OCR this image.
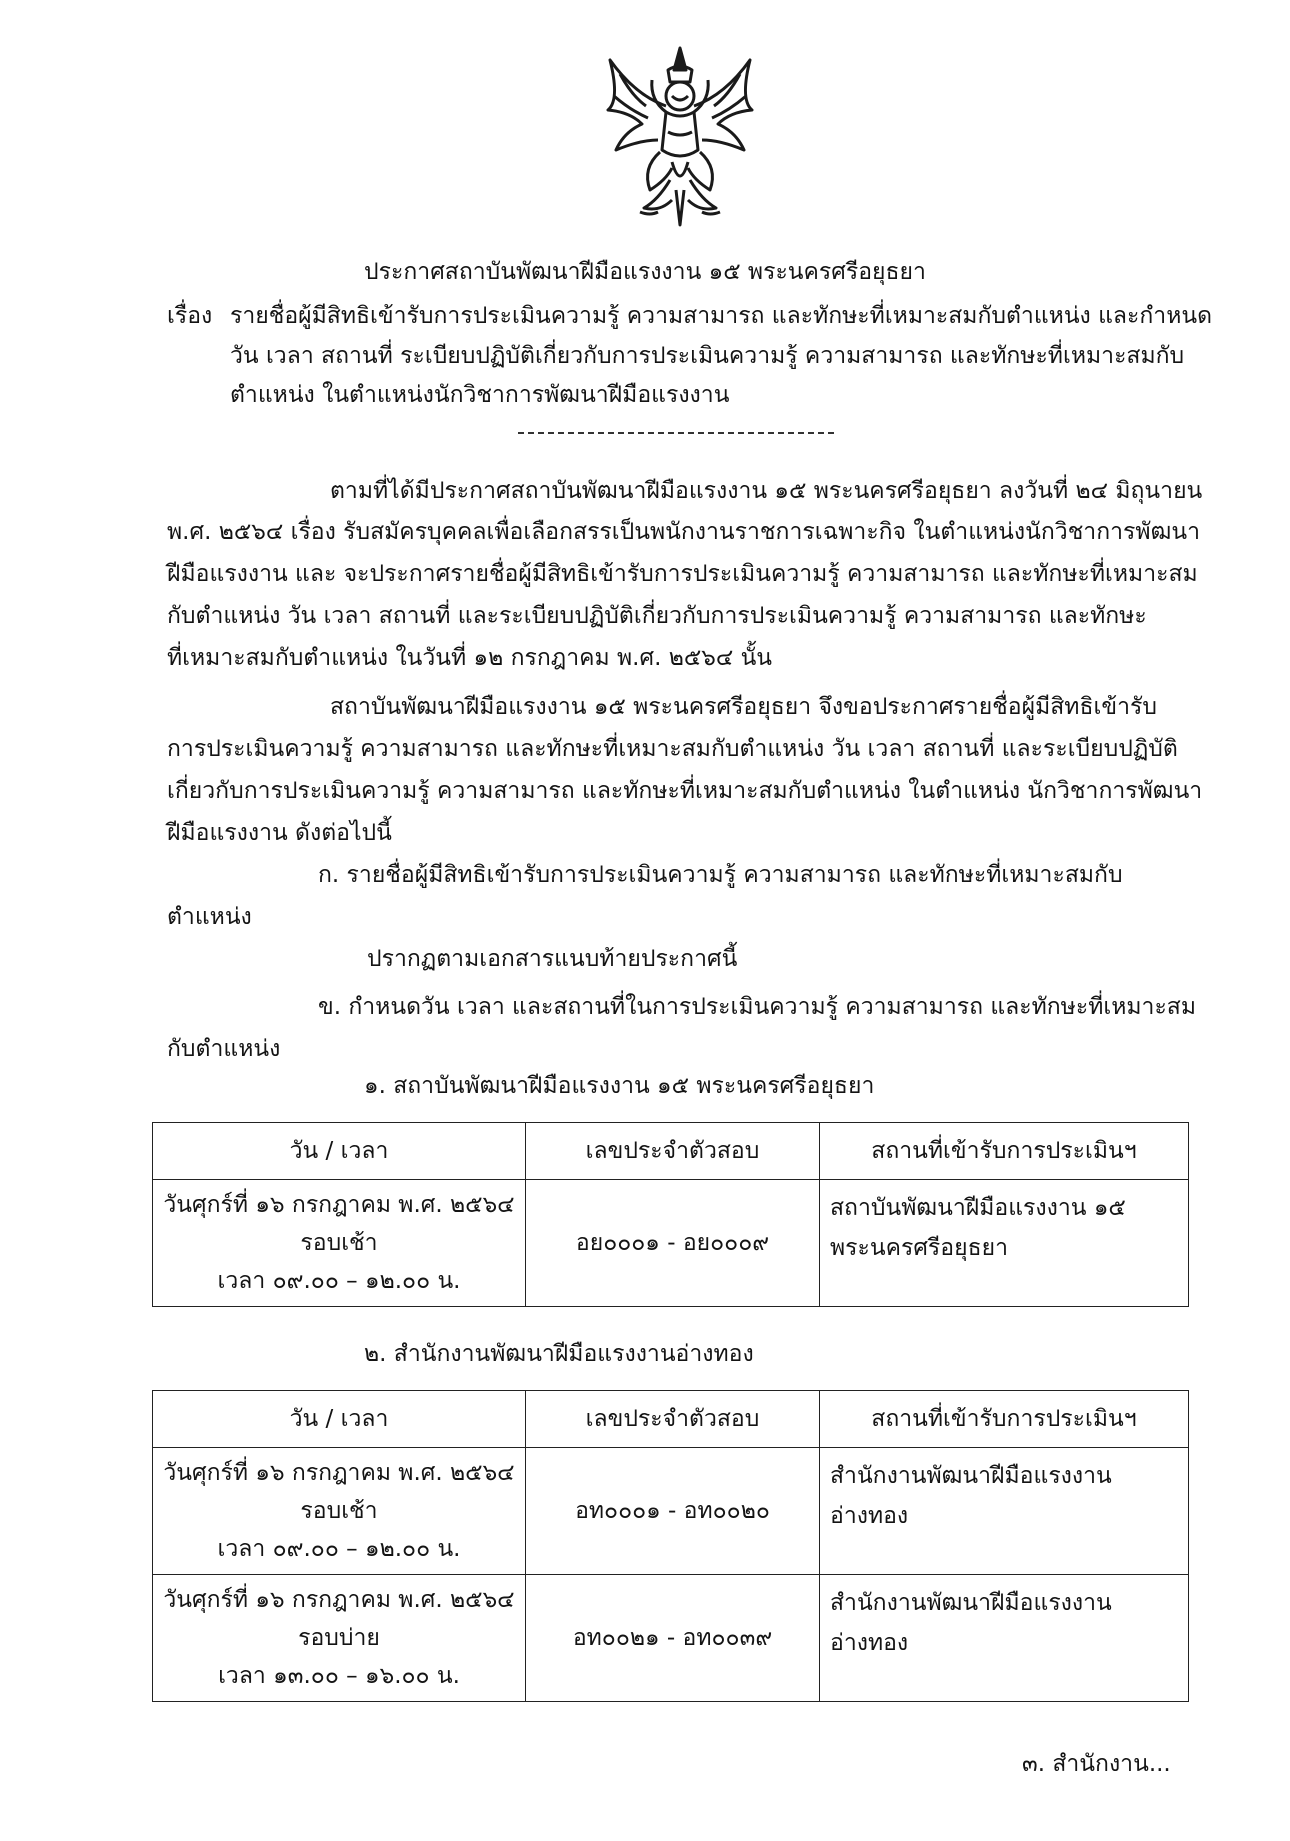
ประกาศสถาบันพัฒนาฝีมือแรงงาน ๑๕ พระนครศรีอยุธยา
เรื่อง รายชื่อผู้มีสิทธิเข้ารับการประเมินความรู้ ความสามารถ และทักษะที่เหมาะสมกับตำแหน่ง และกำหนด
วัน เวลา สถานที่ ระเบียบปฏิบัติเกี่ยวกับการประเมินความรู้ ความสามารถ และทักษะที่เหมาะสมกับ
ตำแหน่ง ในตำแหน่งนักวิชาการพัฒนาฝีมือแรงงาน
ตามที่ได้มีประกาศสถาบันพัฒนาฝีมือแรงงาน ๑๕ พระนครศรีอยุธยา ลงวันที่ ๒๔ มิถุนายน
พ.ศ. ๒๕๖๔ เรื่อง รับสมัครบุคคลเพื่อเลือกสรรเป็นพนักงานราชการเฉพาะกิจ ในตำแหน่งนักวิชาการพัฒนา
ฝีมือแรงงาน และ จะประกาศรายชื่อผู้มีสิทธิเข้ารับการประเมินความรู้ ความสามารถ และทักษะที่เหมาะสม
กับตำแหน่ง วัน เวลา สถานที่ และระเบียบปฏิบัติเกี่ยวกับการประเมินความรู้ ความสามารถ และทักษะ
ที่เหมาะสมกับตำแหน่ง ในวันที่ ๑๒ กรกฎาคม พ.ศ. ๒๕๖๔ นั้น
สถาบันพัฒนาฝีมือแรงงาน ๑๕ พระนครศรีอยุธยา จึงขอประกาศรายชื่อผู้มีสิทธิเข้ารับ
การประเมินความรู้ ความสามารถ และทักษะที่เหมาะสมกับตำแหน่ง วัน เวลา สถานที่ และระเบียบปฏิบัติ
เกี่ยวกับการประเมินความรู้ ความสามารถ และทักษะที่เหมาะสมกับตำแหน่ง ในตำแหน่ง นักวิชาการพัฒนา
ฝีมือแรงงาน ดังต่อไปนี้
ก. รายชื่อผู้มีสิทธิเข้ารับการประเมินความรู้ ความสามารถ และทักษะที่เหมาะสมกับ
ตำแหน่ง
ปรากฏตามเอกสารแนบท้ายประกาศนี้
ข. กำหนดวัน เวลา และสถานที่ในการประเมินความรู้ ความสามารถ และทักษะที่เหมาะสม
กับตำแหน่ง
๑. สถาบันพัฒนาฝีมือแรงงาน ๑๕ พระนครศรีอยุธยา
วัน / เวลา	เลขประจำตัวสอบ	สถานที่เข้ารับการประเมินฯ

วันศุกร์ที่ ๑๖ กรกฎาคม พ.ศ. ๒๕๖๔
รอบเช้า
เวลา ๐๙.๐๐ – ๑๒.๐๐ น.	อย๐๐๐๑ - อย๐๐๐๙	สถาบันพัฒนาฝีมือแรงงาน ๑๕
พระนครศรีอยุธยา
๒. สำนักงานพัฒนาฝีมือแรงงานอ่างทอง
วัน / เวลา	เลขประจำตัวสอบ	สถานที่เข้ารับการประเมินฯ

วันศุกร์ที่ ๑๖ กรกฎาคม พ.ศ. ๒๕๖๔
รอบเช้า
เวลา ๐๙.๐๐ – ๑๒.๐๐ น.	อท๐๐๐๑ - อท๐๐๒๐	สำนักงานพัฒนาฝีมือแรงงานอ่างทอง

วันศุกร์ที่ ๑๖ กรกฎาคม พ.ศ. ๒๕๖๔
รอบบ่าย
เวลา ๑๓.๐๐ – ๑๖.๐๐ น.	อท๐๐๒๑ - อท๐๐๓๙	สำนักงานพัฒนาฝีมือแรงงานอ่างทอง
๓. สำนักงาน...
